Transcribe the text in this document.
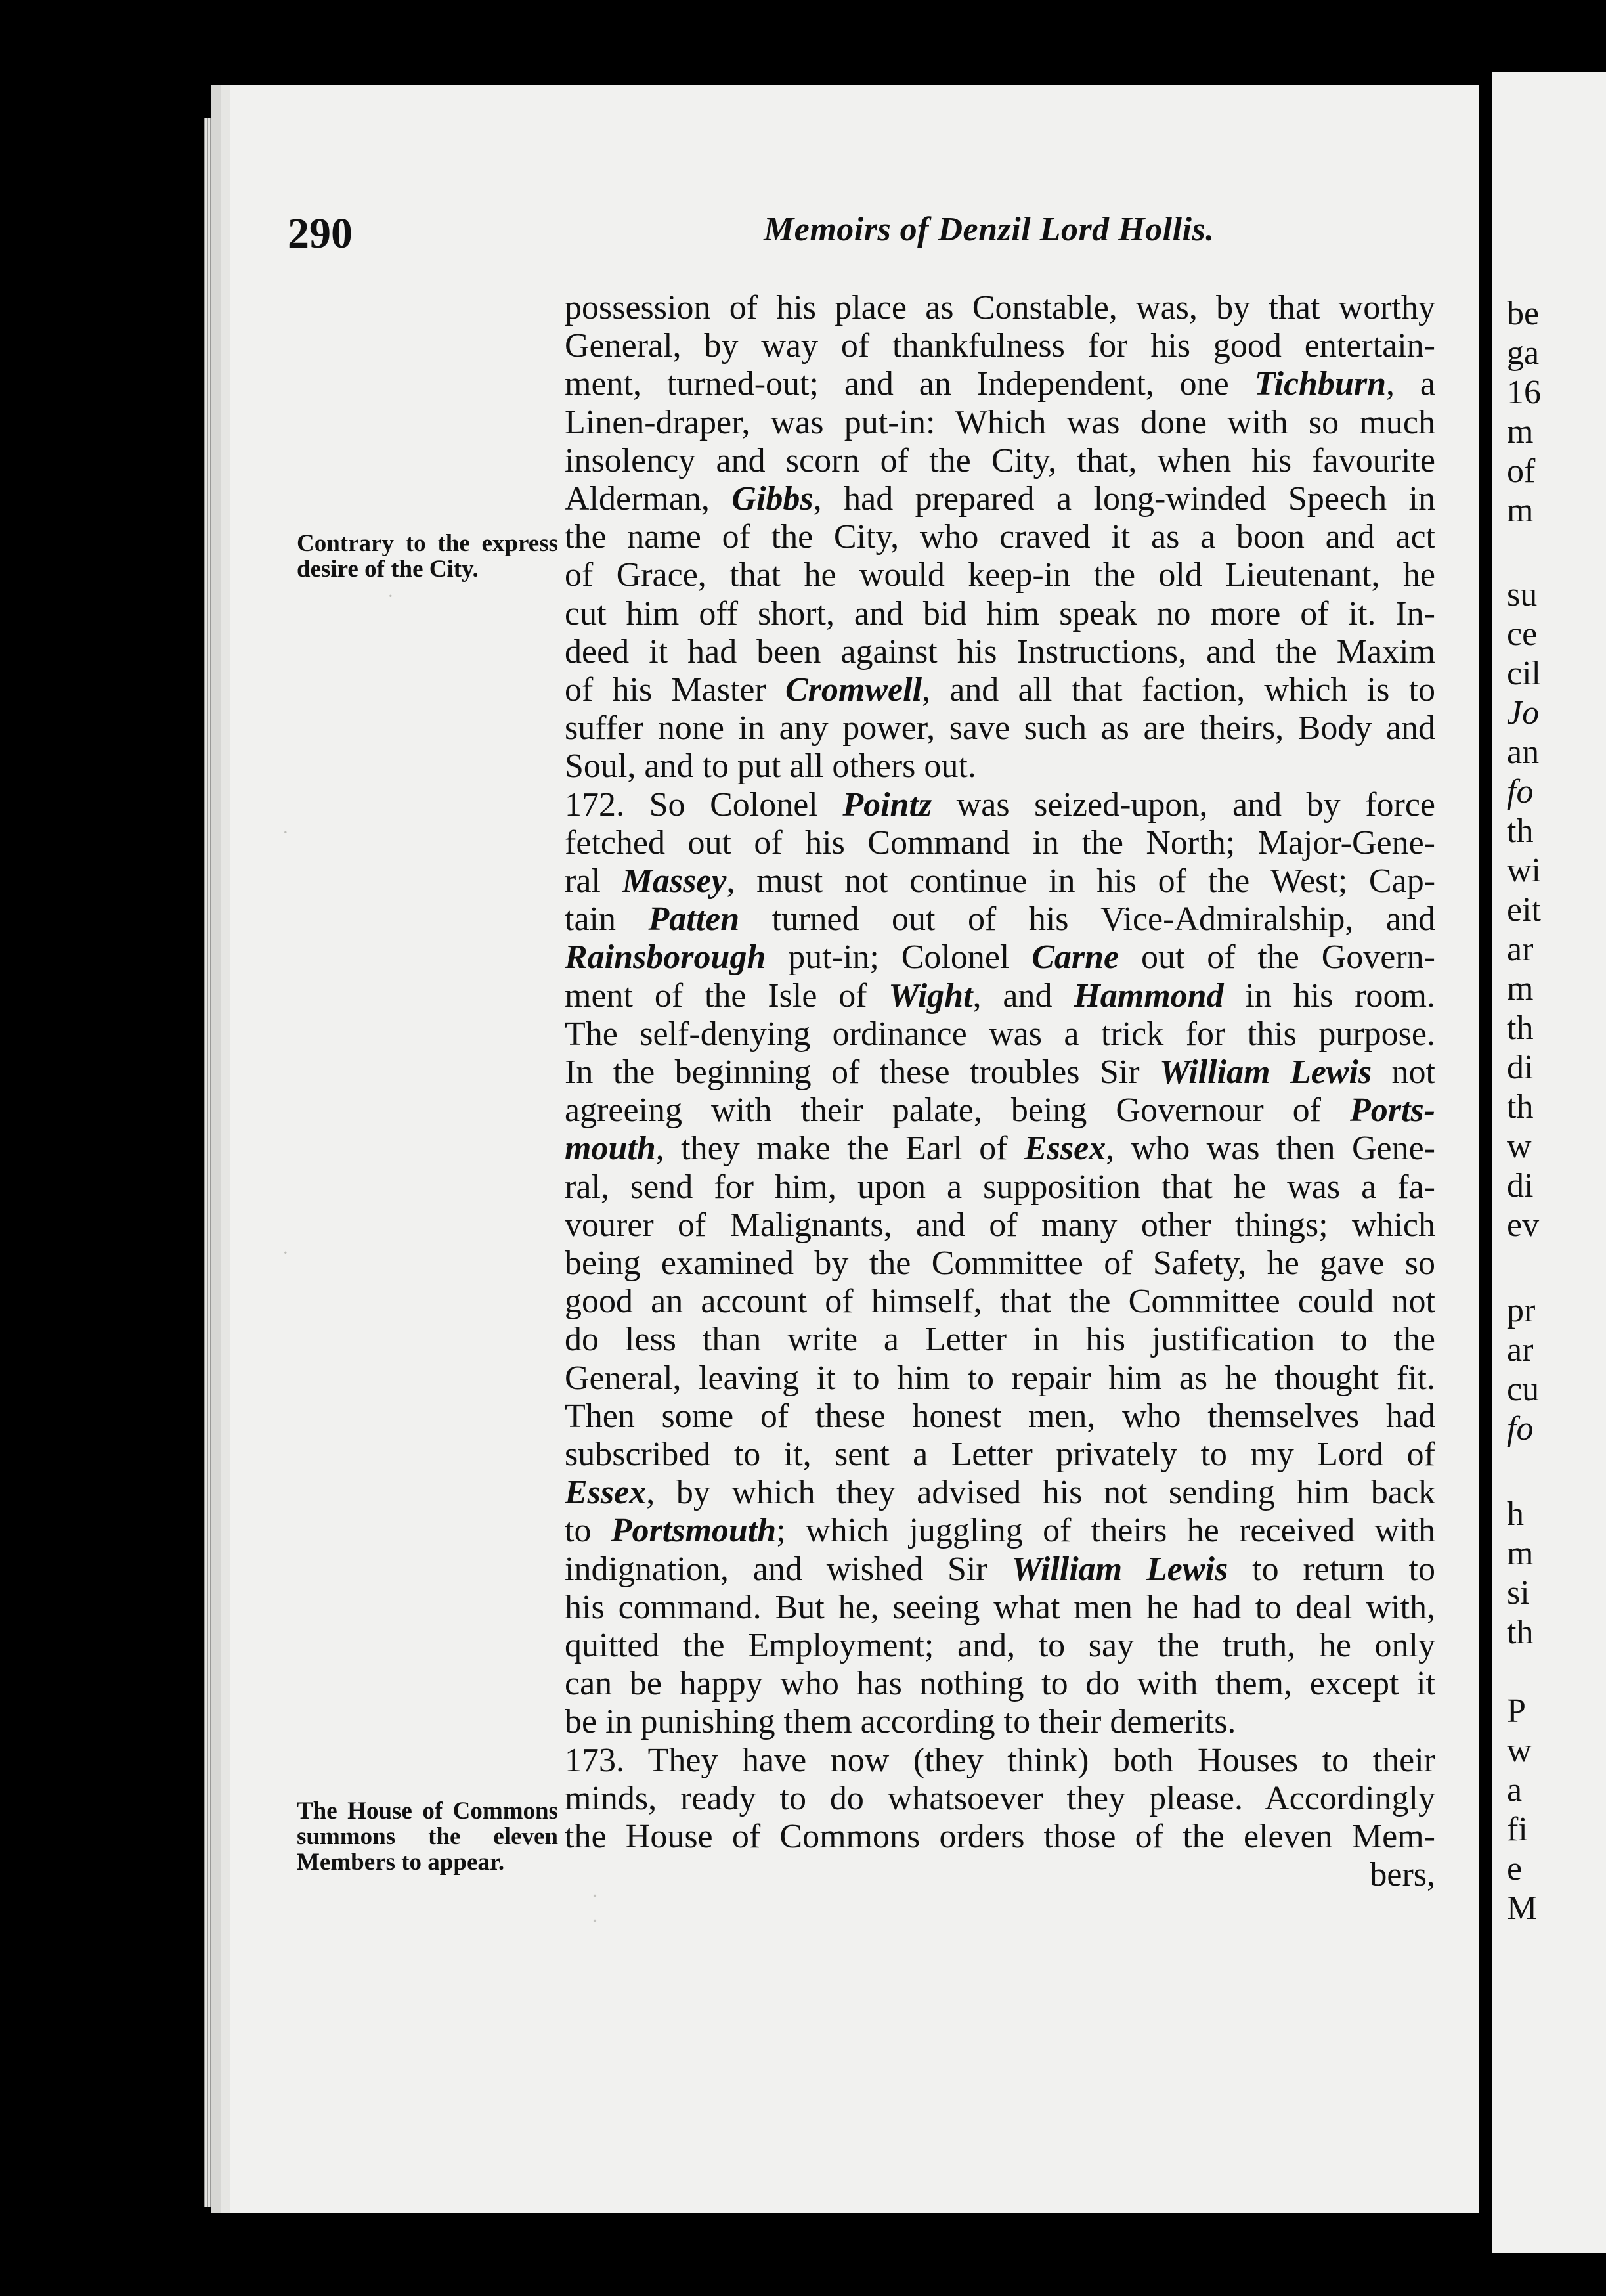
·
·
·
·
·
290	Memoirs of Denzil Lord Hollis.
Contrary to the express desire of the City.
The House of Commons summons the eleven Members to appear.
possession of his place as Constable, was, by that worthy
General, by way of thankfulness for his good entertain-
ment, turned-out; and an Independent, one Tichburn, a
Linen-draper, was put-in: Which was done with so much
insolency and scorn of the City, that, when his favourite
Alderman, Gibbs, had prepared a long-winded Speech in
the name of the City, who craved it as a boon and act
of Grace, that he would keep-in the old Lieutenant, he
cut him off short, and bid him speak no more of it. In-
deed it had been against his Instructions, and the Maxim
of his Master Cromwell, and all that faction, which is to
suffer none in any power, save such as are theirs, Body and
Soul, and to put all others out.
172. So Colonel Pointz was seized-upon, and by force
fetched out of his Command in the North; Major-Gene-
ral Massey, must not continue in his of the West; Cap-
tain Patten turned out of his Vice-Admiralship, and
Rainsborough put-in; Colonel Carne out of the Govern-
ment of the Isle of Wight, and Hammond in his room.
The self-denying ordinance was a trick for this purpose.
In the beginning of these troubles Sir William Lewis not
agreeing with their palate, being Governour of Ports-
mouth, they make the Earl of Essex, who was then Gene-
ral, send for him, upon a supposition that he was a fa-
vourer of Malignants, and of many other things; which
being examined by the Committee of Safety, he gave so
good an account of himself, that the Committee could not
do less than write a Letter in his justification to the
General, leaving it to him to repair him as he thought fit.
Then some of these honest men, who themselves had
subscribed to it, sent a Letter privately to my Lord of
Essex, by which they advised his not sending him back
to Portsmouth; which juggling of theirs he received with
indignation, and wished Sir William Lewis to return to
his command. But he, seeing what men he had to deal with,
quitted the Employment; and, to say the truth, he only
can be happy who has nothing to do with them, except it
be in punishing them according to their demerits.
173. They have now (they think) both Houses to their
minds, ready to do whatsoever they please. Accordingly
the House of Commons orders those of the eleven Mem-
bers,
be
ga
16
m
of
m
su
ce
cil
Jo
an
fo
th
wi
eit
ar
m
th
di
th
w
di
ev
pr
ar
cu
fo
h
m
si
th
P
w
a
fi
e
M
